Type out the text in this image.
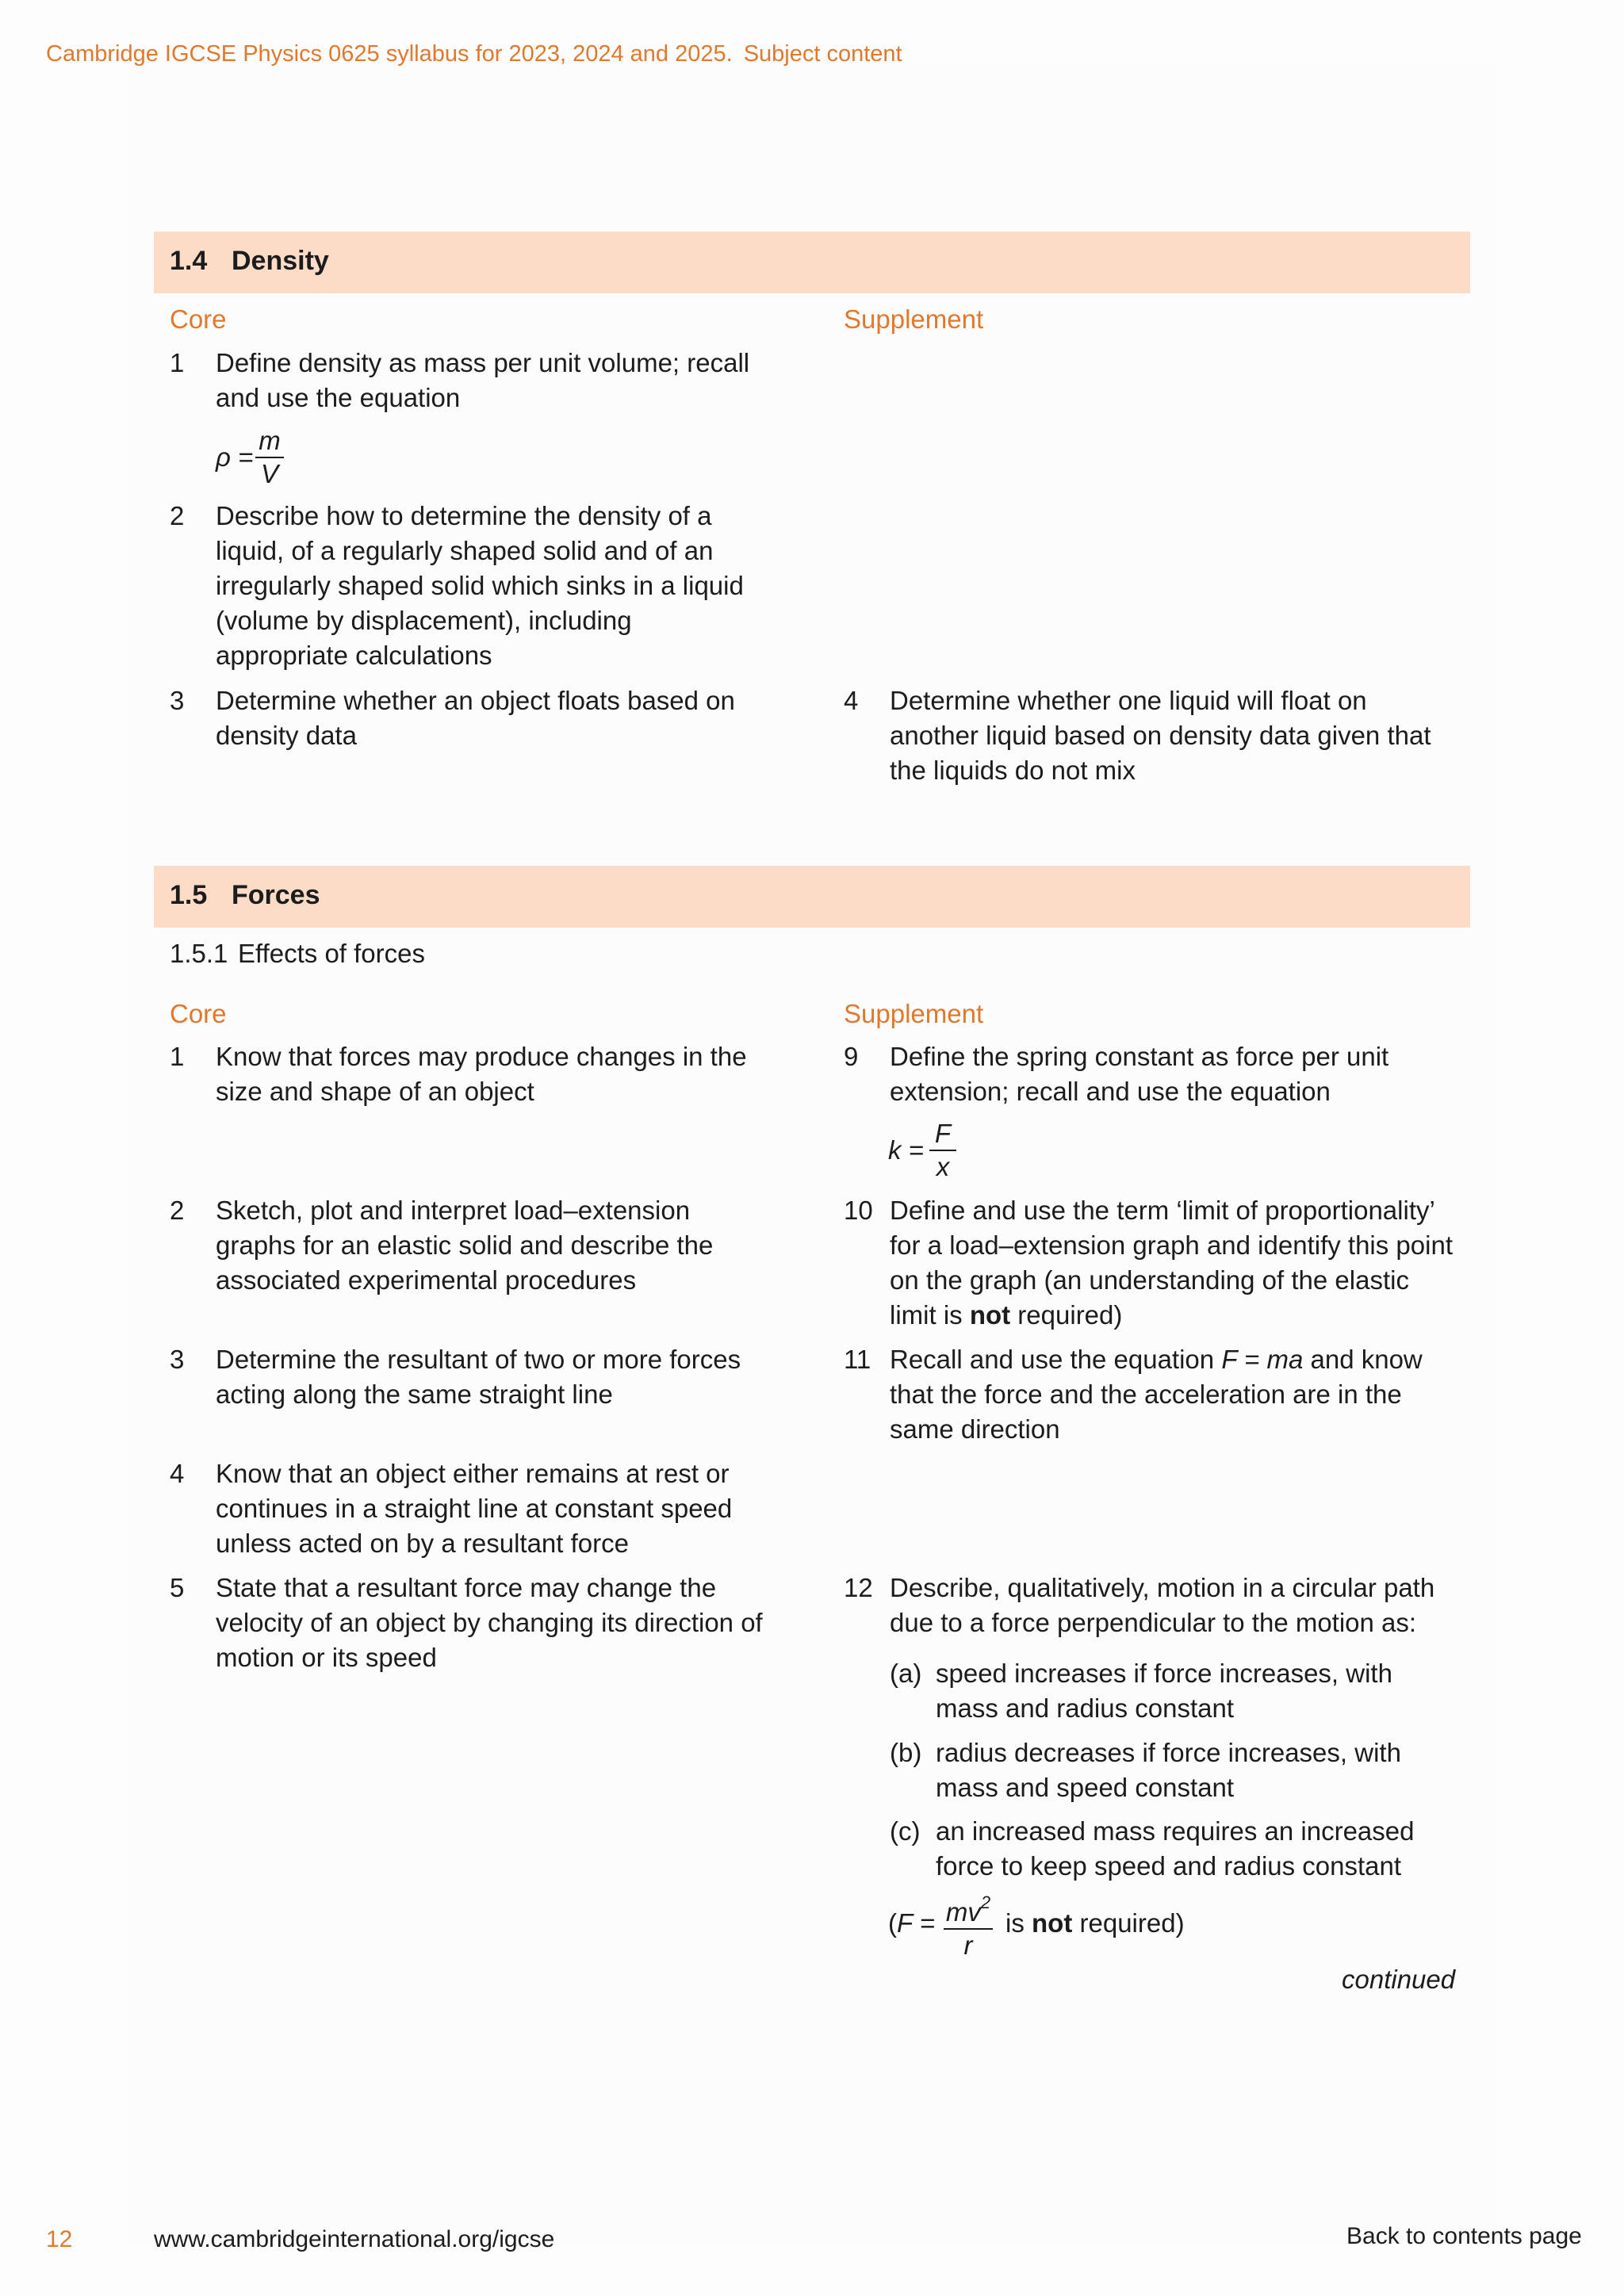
Cambridge IGCSE Physics 0625 syllabus for 2023, 2024 and 2025. Subject content
1.4 Density
Core	Supplement
1 Define density as mass per unit volume; recall and use the equation
ρ =
m
V
2 Describe how to determine the density of a liquid, of a regularly shaped solid and of an irregularly shaped solid which sinks in a liquid (volume by displacement), including appropriate calculations
3 Determine whether an object floats based on density data
4 Determine whether one liquid will float on another liquid based on density data given that the liquids do not mix
1.5 Forces
1.5.1 Effects of forces
Core	Supplement
1 Know that forces may produce changes in the size and shape of an object
2 Sketch, plot and interpret load–extension graphs for an elastic solid and describe the associated experimental procedures
3 Determine the resultant of two or more forces acting along the same straight line
4 Know that an object either remains at rest or continues in a straight line at constant speed unless acted on by a resultant force
5 State that a resultant force may change the velocity of an object by changing its direction of motion or its speed
9 Define the spring constant as force per unit extension; recall and use the equation
k =
F
x
10 Define and use the term ‘limit of proportionality’ for a load–extension graph and identify this point on the graph (an understanding of the elastic limit is not required)
11 Recall and use the equation F = ma and know that the force and the acceleration are in the same direction
12 Describe, qualitatively, motion in a circular path due to a force perpendicular to the motion as:
(a) speed increases if force increases, with mass and radius constant
(b) radius decreases if force increases, with mass and speed constant
(c) an increased mass requires an increased force to keep speed and radius constant
($F = mv^2$
r
is not required)
continued
12	www.cambridgeinternational.org/igcse	Back to contents page
